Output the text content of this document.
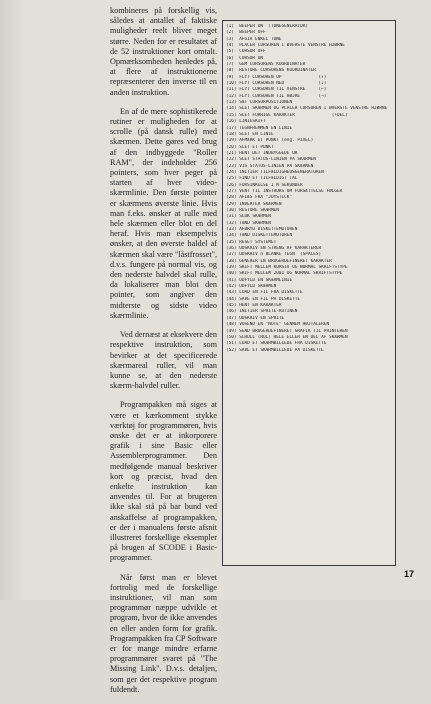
kombineres på forskellig vis, således at antallet af faktiske muligheder reelt bliver meget større. Neden for er resultatet af de 52 instruktioner kort omtalt. Opmærksomheden henledes på, at flere af instruktionerne repræsenterer den inverse til en anden instruktion.

En af de mere sophistikerede rutiner er muligheden for at scrolle (på dansk rulle) med skærmen. Dette gøres ved brug af den indbyggede "Roller RAM", der indeholder 256 pointers, som hver peger på starten af hver video-skærmlinie. Den første pointer er skærmens øverste linie. Hvis man f.eks. ønsker at rulle med hele skærmen eller blot en del heraf. Hvis man eksempelvis ønsker, at den øverste haldel af skærmen skal være "låstfrosset", d.v.s. fungere på normal vis, og den nederste halvdel skal rulle, da lokaliserer man blot den pointer, som angiver den midterste og sidste video skærmlinie.

Ved dernæst at eksekvere den respektive instruktion, som bevirker at det specificerede skærmareal ruller, vil man kunne se, at den nederste skærm-halvdel ruller.

Programpakken må siges at være et kærkomment stykke værktøj for programmøren, hvis ønske det er at inkorporere grafik i sine Basic eller Assemblerprogrammer. Den medfølgende manual beskriver kort og præcist, hvad den enkelte instruktion kan anvendes til. For at brugeren ikke skal stå på bar bund ved anskaffelse af programpakken, er der i manualens første afsnit illustreret forskellige eksempler på brugen af SCODE i Basic-programmer.

Når først man er blevet fortrolig med de forskellige instruktioner, vil man som programmør næppe udvikle et program, hvor de ikke anvendes en eller anden form for grafik. Programpakken fra CP Software er for mange mindre erfarne programmører svaret på "The Missing Link". D.v.s. detaljen, som ger det respektive program fuldendt.

(1)  BEEPER ON  (TONEGENERATOR)
(2)  BEEPER OFF
(3)  AFGIV ENKEL TONE
(4)  PLACER CURSOREN I ØVERSTE VENSTRE HJØRNE
(5)  CURSOR OFF
(6)  CURSOR ON
(7)  GEM CURSORENS KOORDINATER
(8)  RESTORE CURSORENS KOORDINATER
(9)  FLYT CURSOREN OP              (↑)
(10) FLYT CURSOREN NED             (↓)
(11) FLYT CURSOREN TIL VENSTRE     (←)
(12) FLYT CURSOREN TIL HØJRE       (→)
(13) SÆT CURSORPOSITIONEN
(14) SLET SKÆRMEN OG PLACER CURSOREN I ØVERSTE VENSTRE HJØRNE
(15) SLET FORRIGE KARAKTER              (+DEL)
(16) LINIESKIFT
(17) TEGNFREMMEN EN LINIE
(18) SLET EN LINIE
(19) AFMÆRK ET PUNKT (eng. PIXEL)
(20) SLET ET PUNKT
(21) HENT DET INDBYGGEDE UR
(22) SLET STATUS-LINIEN PÅ SKÆRMEN
(23) VIS STATUS-LINIEN PÅ SKÆRMEN
(24) INITIER TILFÆLDIGHEDSGENERATOREN
(25) FIND ET TILFÆLDIGT TAL
(26) FORSINKELSE I N SEKUNDER
(27) VENT TIL INSTRUKS OM FORSÆTTELSE FØLGER
(28) AFLÆS FRA "JOYSTICK"
(29) INVERTER SKÆRMEN
(30) RESTORE SKÆRMEN
(31) SLUK SKÆRMEN
(32) TÆND SKÆRMEN
(33) AFBRYD DISKETTEMOTOREN
(34) TÆND DISKETTEMOTOREN
(35) RESET SYSTEMET
(36) UDSKRIV EN STRENG AF KARAKTERER
(37) UDSKRIV n BLANKE TEGN  (SPACES)
(38) GENERER EN BRUGERDEFINERET KARAKTER
(39) SKIFT MELLEM KURSIV OG NORMAL SKRIFTSTYPE
(40) SKIFT MELLEM 2001 OG NORMAL SKRIFTSTYPE
(41) UDFYLD EN SKÆRMLINIE
(42) UDFYLD SKÆRMEN
(43) LOAD EN FIL FRA DISKETTE
(44) SAVE EN FIL PÅ DISKETTE
(45) HENT EN KARAKTER
(46) INITIER SPRITE-RUTINEN
(47) UDSKRIV EN SPRITE
(48) VOSEND EN "NOTE" GENNEM HØJTALEREN
(49) SEND BRUGERDEFINERET GRAFIK TIL PRINTEREN
(50) SCROLL (RUL) HELE ELLER EN DEL AF SKÆRMEN
(51) LOAD ET SKÆRMBILLEDE FRA DISKETTE
(52) SAVE ET SKÆRMBILLEDE PÅ DISKETTE
17
